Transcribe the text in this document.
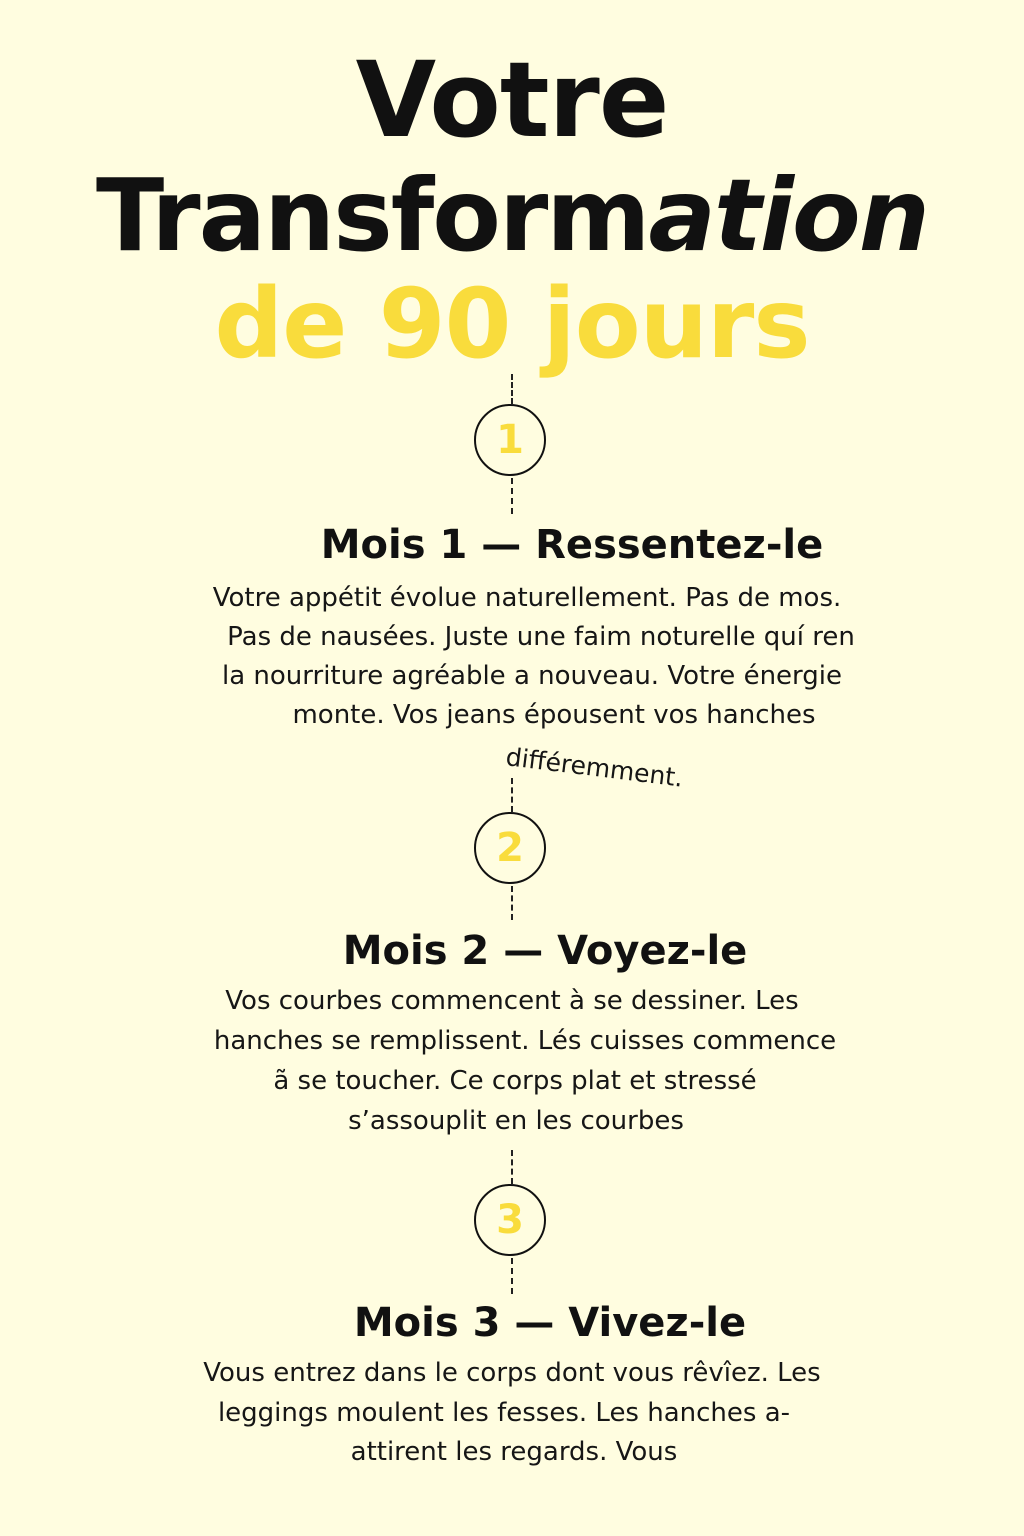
Votre
Transformation
de 90 jours
1
Mois 1 — Ressentez-le
Votre appétit évolue naturellement. Pas de mos.
Pas de nausées. Juste une faim noturelle quí ren
la nourriture agréable a nouveau. Votre énergie
monte. Vos jeans épousent vos hanches
différemment.
2
Mois 2 — Voyez-le
Vos courbes commencent à se dessiner. Les
hanches se remplissent. Lés cuisses commence
ã se toucher. Ce corps plat et stressé
s’assouplit en les courbes
3
Mois 3 — Vivez-le
Vous entrez dans le corps dont vous rêvîez. Les
leggings moulent les fesses. Les hanches a-
attirent les regards. Vous
